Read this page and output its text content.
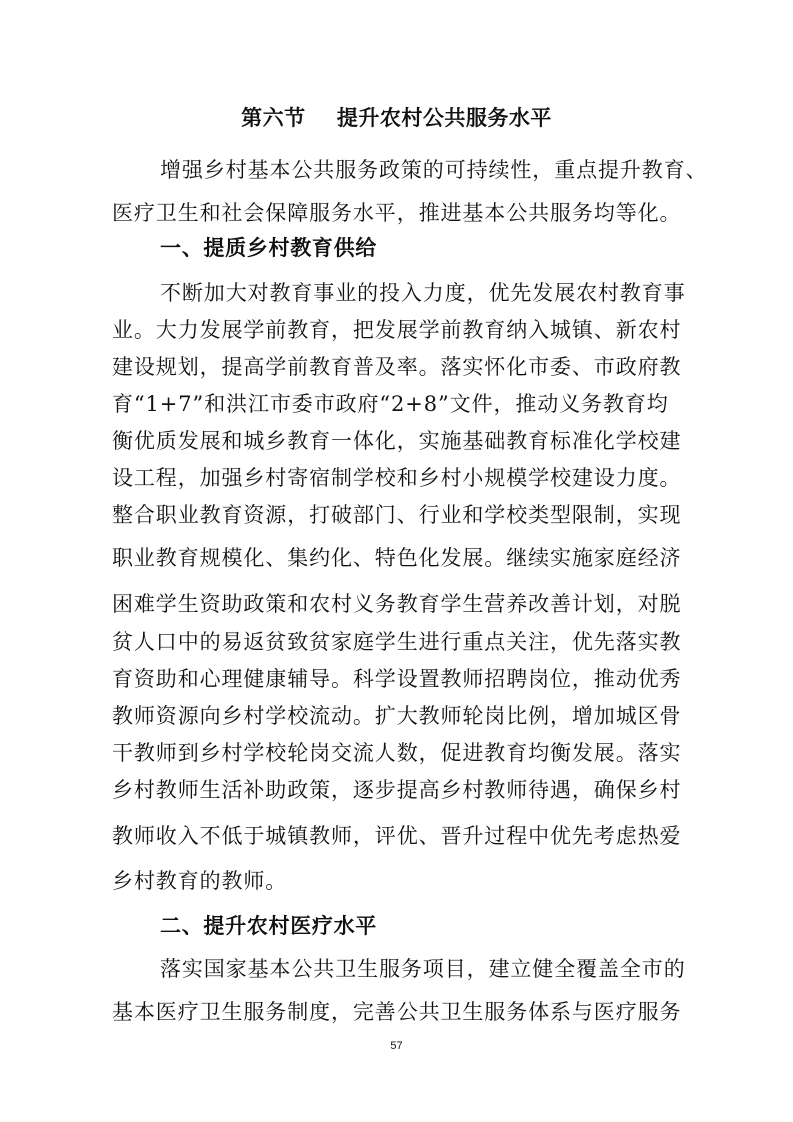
第六节    提升农村公共服务水平
增强乡村基本公共服务政策的可持续性，重点提升教育、
医疗卫生和社会保障服务水平，推进基本公共服务均等化。
一、提质乡村教育供给
不断加大对教育事业的投入力度，优先发展农村教育事
业。大力发展学前教育，把发展学前教育纳入城镇、新农村
建设规划，提高学前教育普及率。落实怀化市委、市政府教
育“1+7”和洪江市委市政府“2+8”文件，推动义务教育均
衡优质发展和城乡教育一体化，实施基础教育标准化学校建
设工程，加强乡村寄宿制学校和乡村小规模学校建设力度。
整合职业教育资源，打破部门、行业和学校类型限制，实现
职业教育规模化、集约化、特色化发展。继续实施家庭经济
困难学生资助政策和农村义务教育学生营养改善计划，对脱
贫人口中的易返贫致贫家庭学生进行重点关注，优先落实教
育资助和心理健康辅导。科学设置教师招聘岗位，推动优秀
教师资源向乡村学校流动。扩大教师轮岗比例，增加城区骨
干教师到乡村学校轮岗交流人数，促进教育均衡发展。落实
乡村教师生活补助政策，逐步提高乡村教师待遇，确保乡村
教师收入不低于城镇教师，评优、晋升过程中优先考虑热爱
乡村教育的教师。
二、提升农村医疗水平
落实国家基本公共卫生服务项目，建立健全覆盖全市的
基本医疗卫生服务制度，完善公共卫生服务体系与医疗服务
57
